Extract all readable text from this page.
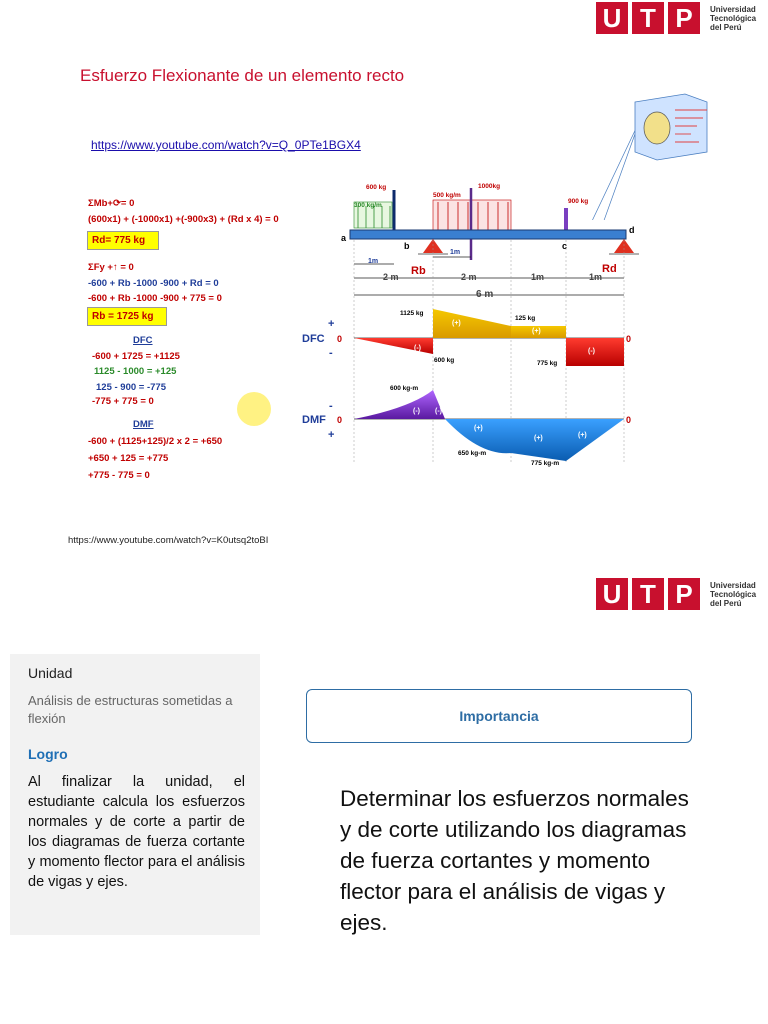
U T P	Universidad
Tecnológica
del Perú
Esfuerzo Flexionante de un elemento recto
https://www.youtube.com/watch?v=Q_0PTe1BGX4
ΣMb+⟳= 0
(600x1) + (-1000x1) +(-900x3) + (Rd x 4) = 0
Rd= 775 kg
ΣFy +↑ = 0
-600 + Rb -1000 -900 + Rd = 0
-600 + Rb -1000 -900 + 775 = 0
Rb = 1725 kg
DFC
-600 + 1725 = +1125
1125 - 1000 = +125
125 - 900 = -775
-775 + 775 = 0
DMF
-600 + (1125+125)/2 x 2 = +650
+650 + 125 = +775
+775 - 775 = 0
600 kg
500 kg/m
1000kg
300 kg/m
900 kg
a
b	c
d
Rb	Rd
1m
1m
2 m	2 m	1m	1m
6 m
DFC 0	0
+
-
1125 kg
125 kg
600 kg	775 kg
(-)
(+)
(+)
(-)
DMF 0	0
-
+
600 kg-m
650 kg-m
775 kg-m
(-) (-)
(+)
(+)	(+)
https://www.youtube.com/watch?v=K0utsq2toBI
U T P	Universidad
Tecnológica
del Perú
Unidad
Análisis de estructuras sometidas a flexión
Logro
Al finalizar la unidad, el estudiante calcula los esfuerzos normales y de corte a partir de los diagramas de fuerza cortante y momento flector para el análisis de vigas y ejes.
Importancia
Determinar los esfuerzos normales y de corte utilizando los diagramas de fuerza cortantes y momento flector para el análisis de vigas y ejes.
